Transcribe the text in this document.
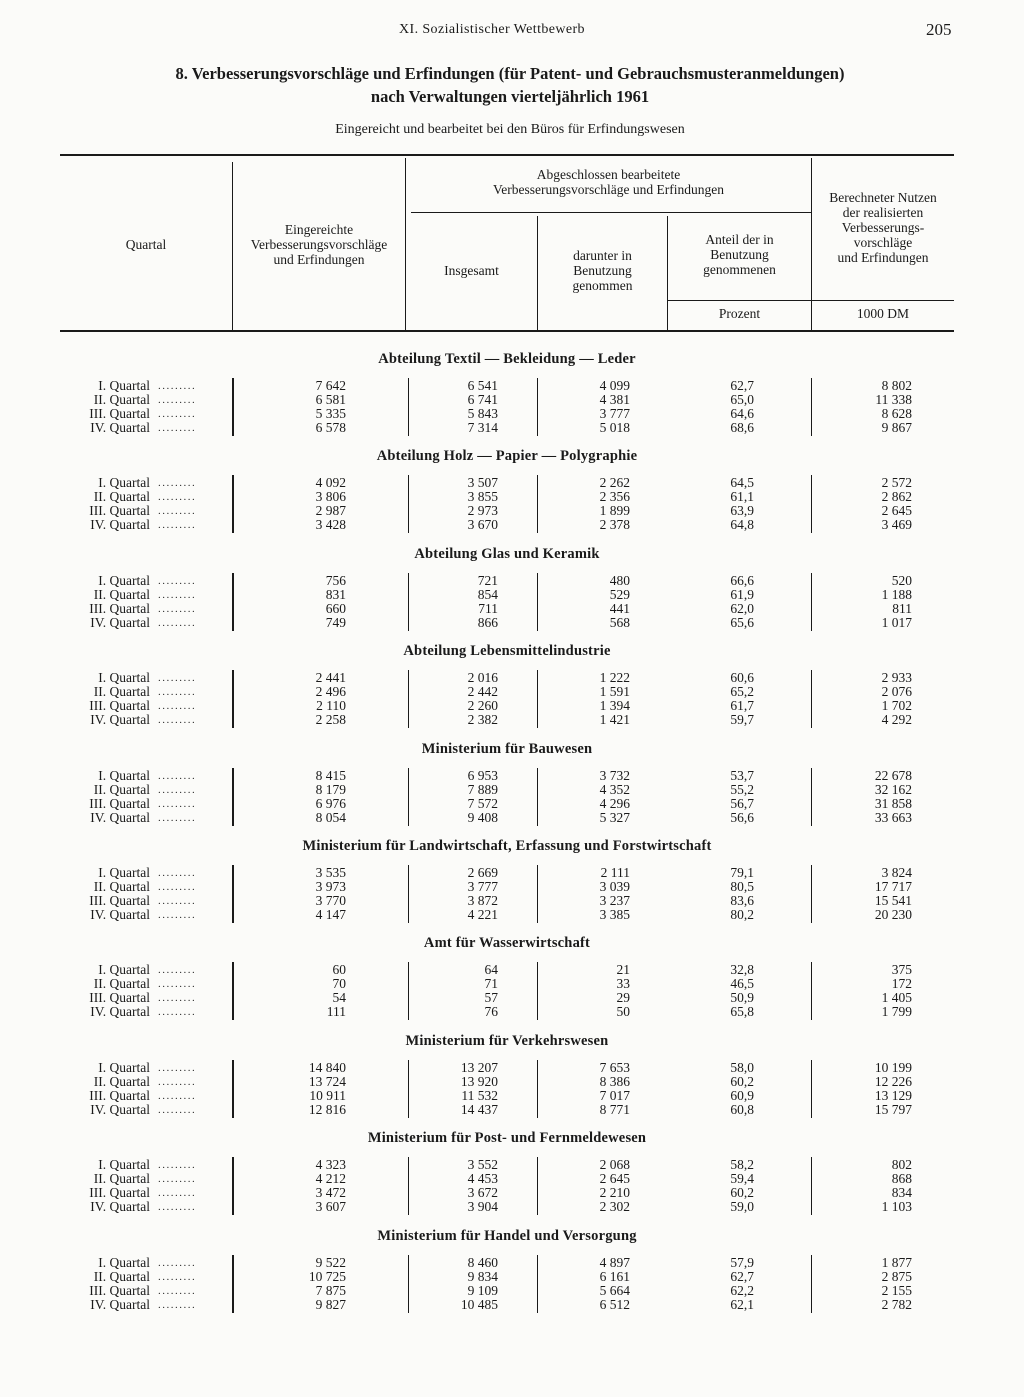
XI. Sozialistischer Wettbewerb	205
8. Verbesserungsvorschläge und Erfindungen (für Patent- und Gebrauchsmusteranmeldungen)
nach Verwaltungen vierteljährlich 1961
Eingereicht und bearbeitet bei den Büros für Erfindungswesen
Quartal
Eingereichte
Verbesserungsvorschläge
und Erfindungen
Abgeschlossen bearbeitete
Verbesserungsvorschläge und Erfindungen
Insgesamt
darunter in
Benutzung
genommen
Anteil der in
Benutzung
genommenen
Berechneter Nutzen
der realisierten
Verbesserungs-
vorschläge
und Erfindungen
Prozent	1000 DM
Abteilung Textil — Bekleidung — Leder
I. Quartal .........	7 642	6 541	4 099	62,7	8 802
II. Quartal .........	6 581	6 741	4 381	65,0	11 338
III. Quartal .........	5 335	5 843	3 777	64,6	8 628
IV. Quartal .........	6 578	7 314	5 018	68,6	9 867
Abteilung Holz — Papier — Polygraphie
I. Quartal .........	4 092	3 507	2 262	64,5	2 572
II. Quartal .........	3 806	3 855	2 356	61,1	2 862
III. Quartal .........	2 987	2 973	1 899	63,9	2 645
IV. Quartal .........	3 428	3 670	2 378	64,8	3 469
Abteilung Glas und Keramik
I. Quartal .........	756	721	480	66,6	520
II. Quartal .........	831	854	529	61,9	1 188
III. Quartal .........	660	711	441	62,0	811
IV. Quartal .........	749	866	568	65,6	1 017
Abteilung Lebensmittelindustrie
I. Quartal .........	2 441	2 016	1 222	60,6	2 933
II. Quartal .........	2 496	2 442	1 591	65,2	2 076
III. Quartal .........	2 110	2 260	1 394	61,7	1 702
IV. Quartal .........	2 258	2 382	1 421	59,7	4 292
Ministerium für Bauwesen
I. Quartal .........	8 415	6 953	3 732	53,7	22 678
II. Quartal .........	8 179	7 889	4 352	55,2	32 162
III. Quartal .........	6 976	7 572	4 296	56,7	31 858
IV. Quartal .........	8 054	9 408	5 327	56,6	33 663
Ministerium für Landwirtschaft, Erfassung und Forstwirtschaft
I. Quartal .........	3 535	2 669	2 111	79,1	3 824
II. Quartal .........	3 973	3 777	3 039	80,5	17 717
III. Quartal .........	3 770	3 872	3 237	83,6	15 541
IV. Quartal .........	4 147	4 221	3 385	80,2	20 230
Amt für Wasserwirtschaft
I. Quartal .........	60	64	21	32,8	375
II. Quartal .........	70	71	33	46,5	172
III. Quartal .........	54	57	29	50,9	1 405
IV. Quartal .........	111	76	50	65,8	1 799
Ministerium für Verkehrswesen
I. Quartal .........	14 840	13 207	7 653	58,0	10 199
II. Quartal .........	13 724	13 920	8 386	60,2	12 226
III. Quartal .........	10 911	11 532	7 017	60,9	13 129
IV. Quartal .........	12 816	14 437	8 771	60,8	15 797
Ministerium für Post- und Fernmeldewesen
I. Quartal .........	4 323	3 552	2 068	58,2	802
II. Quartal .........	4 212	4 453	2 645	59,4	868
III. Quartal .........	3 472	3 672	2 210	60,2	834
IV. Quartal .........	3 607	3 904	2 302	59,0	1 103
Ministerium für Handel und Versorgung
I. Quartal .........	9 522	8 460	4 897	57,9	1 877
II. Quartal .........	10 725	9 834	6 161	62,7	2 875
III. Quartal .........	7 875	9 109	5 664	62,2	2 155
IV. Quartal .........	9 827	10 485	6 512	62,1	2 782
